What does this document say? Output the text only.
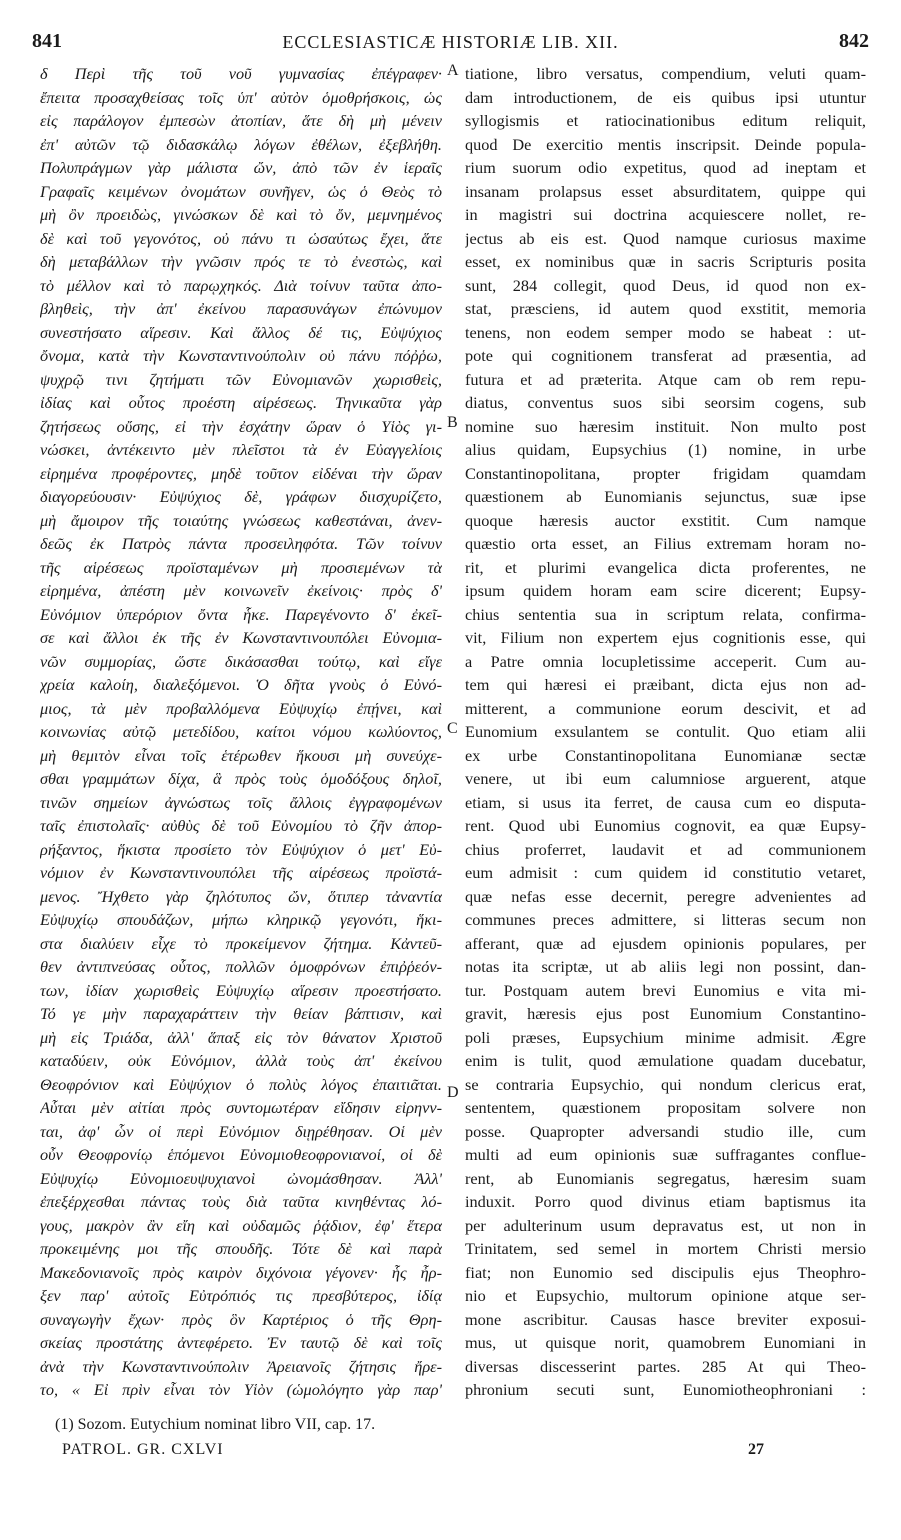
841	ECCLESIASTICÆ HISTORIÆ LIB. XII.	842
δ Περὶ τῆς τοῦ νοῦ γυμνασίας ἐπέγραφεν·
ἔπειτα προσαχθείσας τοῖς ὑπ' αὐτὸν ὁμοθρήσκοις, ὡς
εἰς παράλογον ἐμπεσὼν ἀτοπίαν, ἅτε δὴ μὴ μένειν
ἐπ' αὐτῶν τῷ διδασκάλῳ λόγων ἐθέλων, ἐξεβλήθη.
Πολυπράγμων γὰρ μάλιστα ὤν, ἀπὸ τῶν ἐν ἱεραῖς
Γραφαῖς κειμένων ὀνομάτων συνῆγεν, ὡς ὁ Θεὸς τὸ
μὴ ὂν προειδὼς, γινώσκων δὲ καὶ τὸ ὄν, μεμνημένος
δὲ καὶ τοῦ γεγονότος, οὐ πάνυ τι ὡσαύτως ἔχει, ἅτε
δὴ μεταβάλλων τὴν γνῶσιν πρός τε τὸ ἐνεστὼς, καὶ
τὸ μέλλον καὶ τὸ παρῳχηκός. Διὰ τοίνυν ταῦτα ἀπο-
βληθεὶς, τὴν ἀπ' ἐκείνου παρασυνάγων ἐπώνυμον
συνεστήσατο αἵρεσιν. Καὶ ἄλλος δέ τις, Εὐψύχιος
ὄνομα, κατὰ τὴν Κωνσταντινούπολιν οὐ πάνυ πόῤῥω,
ψυχρῷ τινι ζητήματι τῶν Εὐνομιανῶν χωρισθεὶς,
ἰδίας καὶ οὗτος προέστη αἱρέσεως. Τηνικαῦτα γὰρ
ζητήσεως οὔσης, εἰ τὴν ἐσχάτην ὥραν ὁ Υἱὸς γι-
νώσκει, ἀντέκειντο μὲν πλεῖστοι τὰ ἐν Εὐαγγελίοις
εἰρημένα προφέροντες, μηδὲ τοῦτον εἰδέναι τὴν ὥραν
διαγορεύουσιν· Εὐψύχιος δὲ, γράφων διισχυρίζετο,
μὴ ἄμοιρον τῆς τοιαύτης γνώσεως καθεστάναι, ἀνεν-
δεῶς ἐκ Πατρὸς πάντα προσειληφότα. Τῶν τοίνυν
τῆς αἱρέσεως προϊσταμένων μὴ προσιεμένων τὰ
εἰρημένα, ἀπέστη μὲν κοινωνεῖν ἐκείνοις· πρὸς δ'
Εὐνόμιον ὑπερόριον ὄντα ἧκε. Παρεγένοντο δ' ἐκεῖ-
σε καὶ ἄλλοι ἐκ τῆς ἐν Κωνσταντινουπόλει Εὐνομια-
νῶν συμμορίας, ὥστε δικάσασθαι τούτῳ, καὶ εἴγε
χρεία καλοίη, διαλεξόμενοι. Ὁ δῆτα γνοὺς ὁ Εὐνό-
μιος, τὰ μὲν προβαλλόμενα Εὐψυχίῳ ἐπῄνει, καὶ
κοινωνίας αὐτῷ μετεδίδου, καίτοι νόμου κωλύοντος,
μὴ θεμιτὸν εἶναι τοῖς ἑτέρωθεν ἥκουσι μὴ συνεύχε-
σθαι γραμμάτων δίχα, ἃ πρὸς τοὺς ὁμοδόξους δηλοῖ,
τινῶν σημείων ἀγνώστως τοῖς ἄλλοις ἐγγραφομένων
ταῖς ἐπιστολαῖς· αὐθὺς δὲ τοῦ Εὐνομίου τὸ ζῆν ἀπορ-
ρήξαντος, ἥκιστα προσίετο τὸν Εὐψύχιον ὁ μετ' Εὐ-
νόμιον ἐν Κωνσταντινουπόλει τῆς αἱρέσεως προϊστά-
μενος. Ἤχθετο γὰρ ζηλότυπος ὤν, ὅτιπερ τἀναντία
Εὐψυχίῳ σπουδάζων, μήπω κληρικῷ γεγονότι, ἥκι-
στα διαλύειν εἶχε τὸ προκείμενον ζήτημα. Κἀντεῦ-
θεν ἀντιπνεύσας οὗτος, πολλῶν ὁμοφρόνων ἐπιῤῥεόν-
των, ἰδίαν χωρισθεὶς Εὐψυχίῳ αἵρεσιν προεστήσατο.
Τό γε μὴν παραχαράττειν τὴν θείαν βάπτισιν, καὶ
μὴ εἰς Τριάδα, ἀλλ' ἅπαξ εἰς τὸν θάνατον Χριστοῦ
καταδύειν, οὐκ Εὐνόμιον, ἀλλὰ τοὺς ἀπ' ἐκείνου
Θεοφρόνιον καὶ Εὐψύχιον ὁ πολὺς λόγος ἐπαιτιᾶται.
Αὗται μὲν αἰτίαι πρὸς συντομωτέραν εἴδησιν εἰρηνν-
ται, ἀφ' ὧν οἱ περὶ Εὐνόμιον διῃρέθησαν. Οἱ μὲν
οὖν Θεοφρονίῳ ἑπόμενοι Εὐνομιοθεοφρονιανοί, οἱ δὲ
Εὐψυχίῳ Εὐνομιοευψυχιανοὶ ὠνομάσθησαν. Ἀλλ'
ἐπεξέρχεσθαι πάντας τοὺς διὰ ταῦτα κινηθέντας λό-
γους, μακρὸν ἂν εἴη καὶ οὐδαμῶς ῥᾴδιον, ἐφ' ἕτερα
προκειμένης μοι τῆς σπουδῆς. Τότε δὲ καὶ παρὰ
Μακεδονιανοῖς πρὸς καιρὸν διχόνοια γέγονεν· ἧς ἦρ-
ξεν παρ' αὐτοῖς Εὐτρόπιός τις πρεσβύτερος, ἰδίᾳ
συναγωγὴν ἔχων· πρὸς ὃν Καρτέριος ὁ τῆς Θρη-
σκείας προστάτης ἀντεφέρετο. Ἐν ταυτῷ δὲ καὶ τοῖς
ἀνὰ τὴν Κωνσταντινούπολιν Ἀρειανοῖς ζήτησις ἤρε-
το, « Εἰ πρὶν εἶναι τὸν Υἱὸν (ὡμολόγητο γὰρ παρ'
tiatione, libro versatus, compendium, veluti quam-
dam introductionem, de eis quibus ipsi utuntur
syllogismis et ratiocinationibus editum reliquit,
quod De exercitio mentis inscripsit. Deinde popula-
rium suorum odio expetitus, quod ad ineptam et
insanam prolapsus esset absurditatem, quippe qui
in magistri sui doctrina acquiescere nollet, re-
jectus ab eis est. Quod namque curiosus maxime
esset, ex nominibus quæ in sacris Scripturis posita
sunt, 284 collegit, quod Deus, id quod non ex-
stat, præsciens, id autem quod exstitit, memoria
tenens, non eodem semper modo se habeat : ut-
pote qui cognitionem transferat ad præsentia, ad
futura et ad præterita. Atque cam ob rem repu-
diatus, conventus suos sibi seorsim cogens, sub
nomine suo hæresim instituit. Non multo post
alius quidam, Eupsychius (1) nomine, in urbe
Constantinopolitana, propter frigidam quamdam
quæstionem ab Eunomianis sejunctus, suæ ipse
quoque hæresis auctor exstitit. Cum namque
quæstio orta esset, an Filius extremam horam no-
rit, et plurimi evangelica dicta proferentes, ne
ipsum quidem horam eam scire dicerent; Eupsy-
chius sententia sua in scriptum relata, confirma-
vit, Filium non expertem ejus cognitionis esse, qui
a Patre omnia locupletissime acceperit. Cum au-
tem qui hæresi ei præibant, dicta ejus non ad-
mitterent, a communione eorum descivit, et ad
Eunomium exsulantem se contulit. Quo etiam alii
ex urbe Constantinopolitana Eunomianæ sectæ
venere, ut ibi eum calumniose arguerent, atque
etiam, si usus ita ferret, de causa cum eo disputa-
rent. Quod ubi Eunomius cognovit, ea quæ Eupsy-
chius proferret, laudavit et ad communionem
eum admisit : cum quidem id constitutio vetaret,
quæ nefas esse decernit, peregre advenientes ad
communes preces admittere, si litteras secum non
afferant, quæ ad ejusdem opinionis populares, per
notas ita scriptæ, ut ab aliis legi non possint, dan-
tur. Postquam autem brevi Eunomius e vita mi-
gravit, hæresis ejus post Eunomium Constantino-
poli præses, Eupsychium minime admisit. Ægre
enim is tulit, quod æmulatione quadam ducebatur,
se contraria Eupsychio, qui nondum clericus erat,
sententem, quæstionem propositam solvere non
posse. Quapropter adversandi studio ille, cum
multi ad eum opinionis suæ suffragantes conflue-
rent, ab Eunomianis segregatus, hæresim suam
induxit. Porro quod divinus etiam baptismus ita
per adulterinum usum depravatus est, ut non in
Trinitatem, sed semel in mortem Christi mersio
fiat; non Eunomio sed discipulis ejus Theophro-
nio et Eupsychio, multorum opinione atque ser-
mone ascribitur. Causas hasce breviter exposui-
mus, ut quisque norit, quamobrem Eunomiani in
diversas discesserint partes. 285 At qui Theo-
phronium secuti sunt, Eunomiotheophroniani :
A
B
C
D
(1) Sozom. Eutychium nominat libro VII, cap. 17.
PATROL. GR. CXLVI	27
